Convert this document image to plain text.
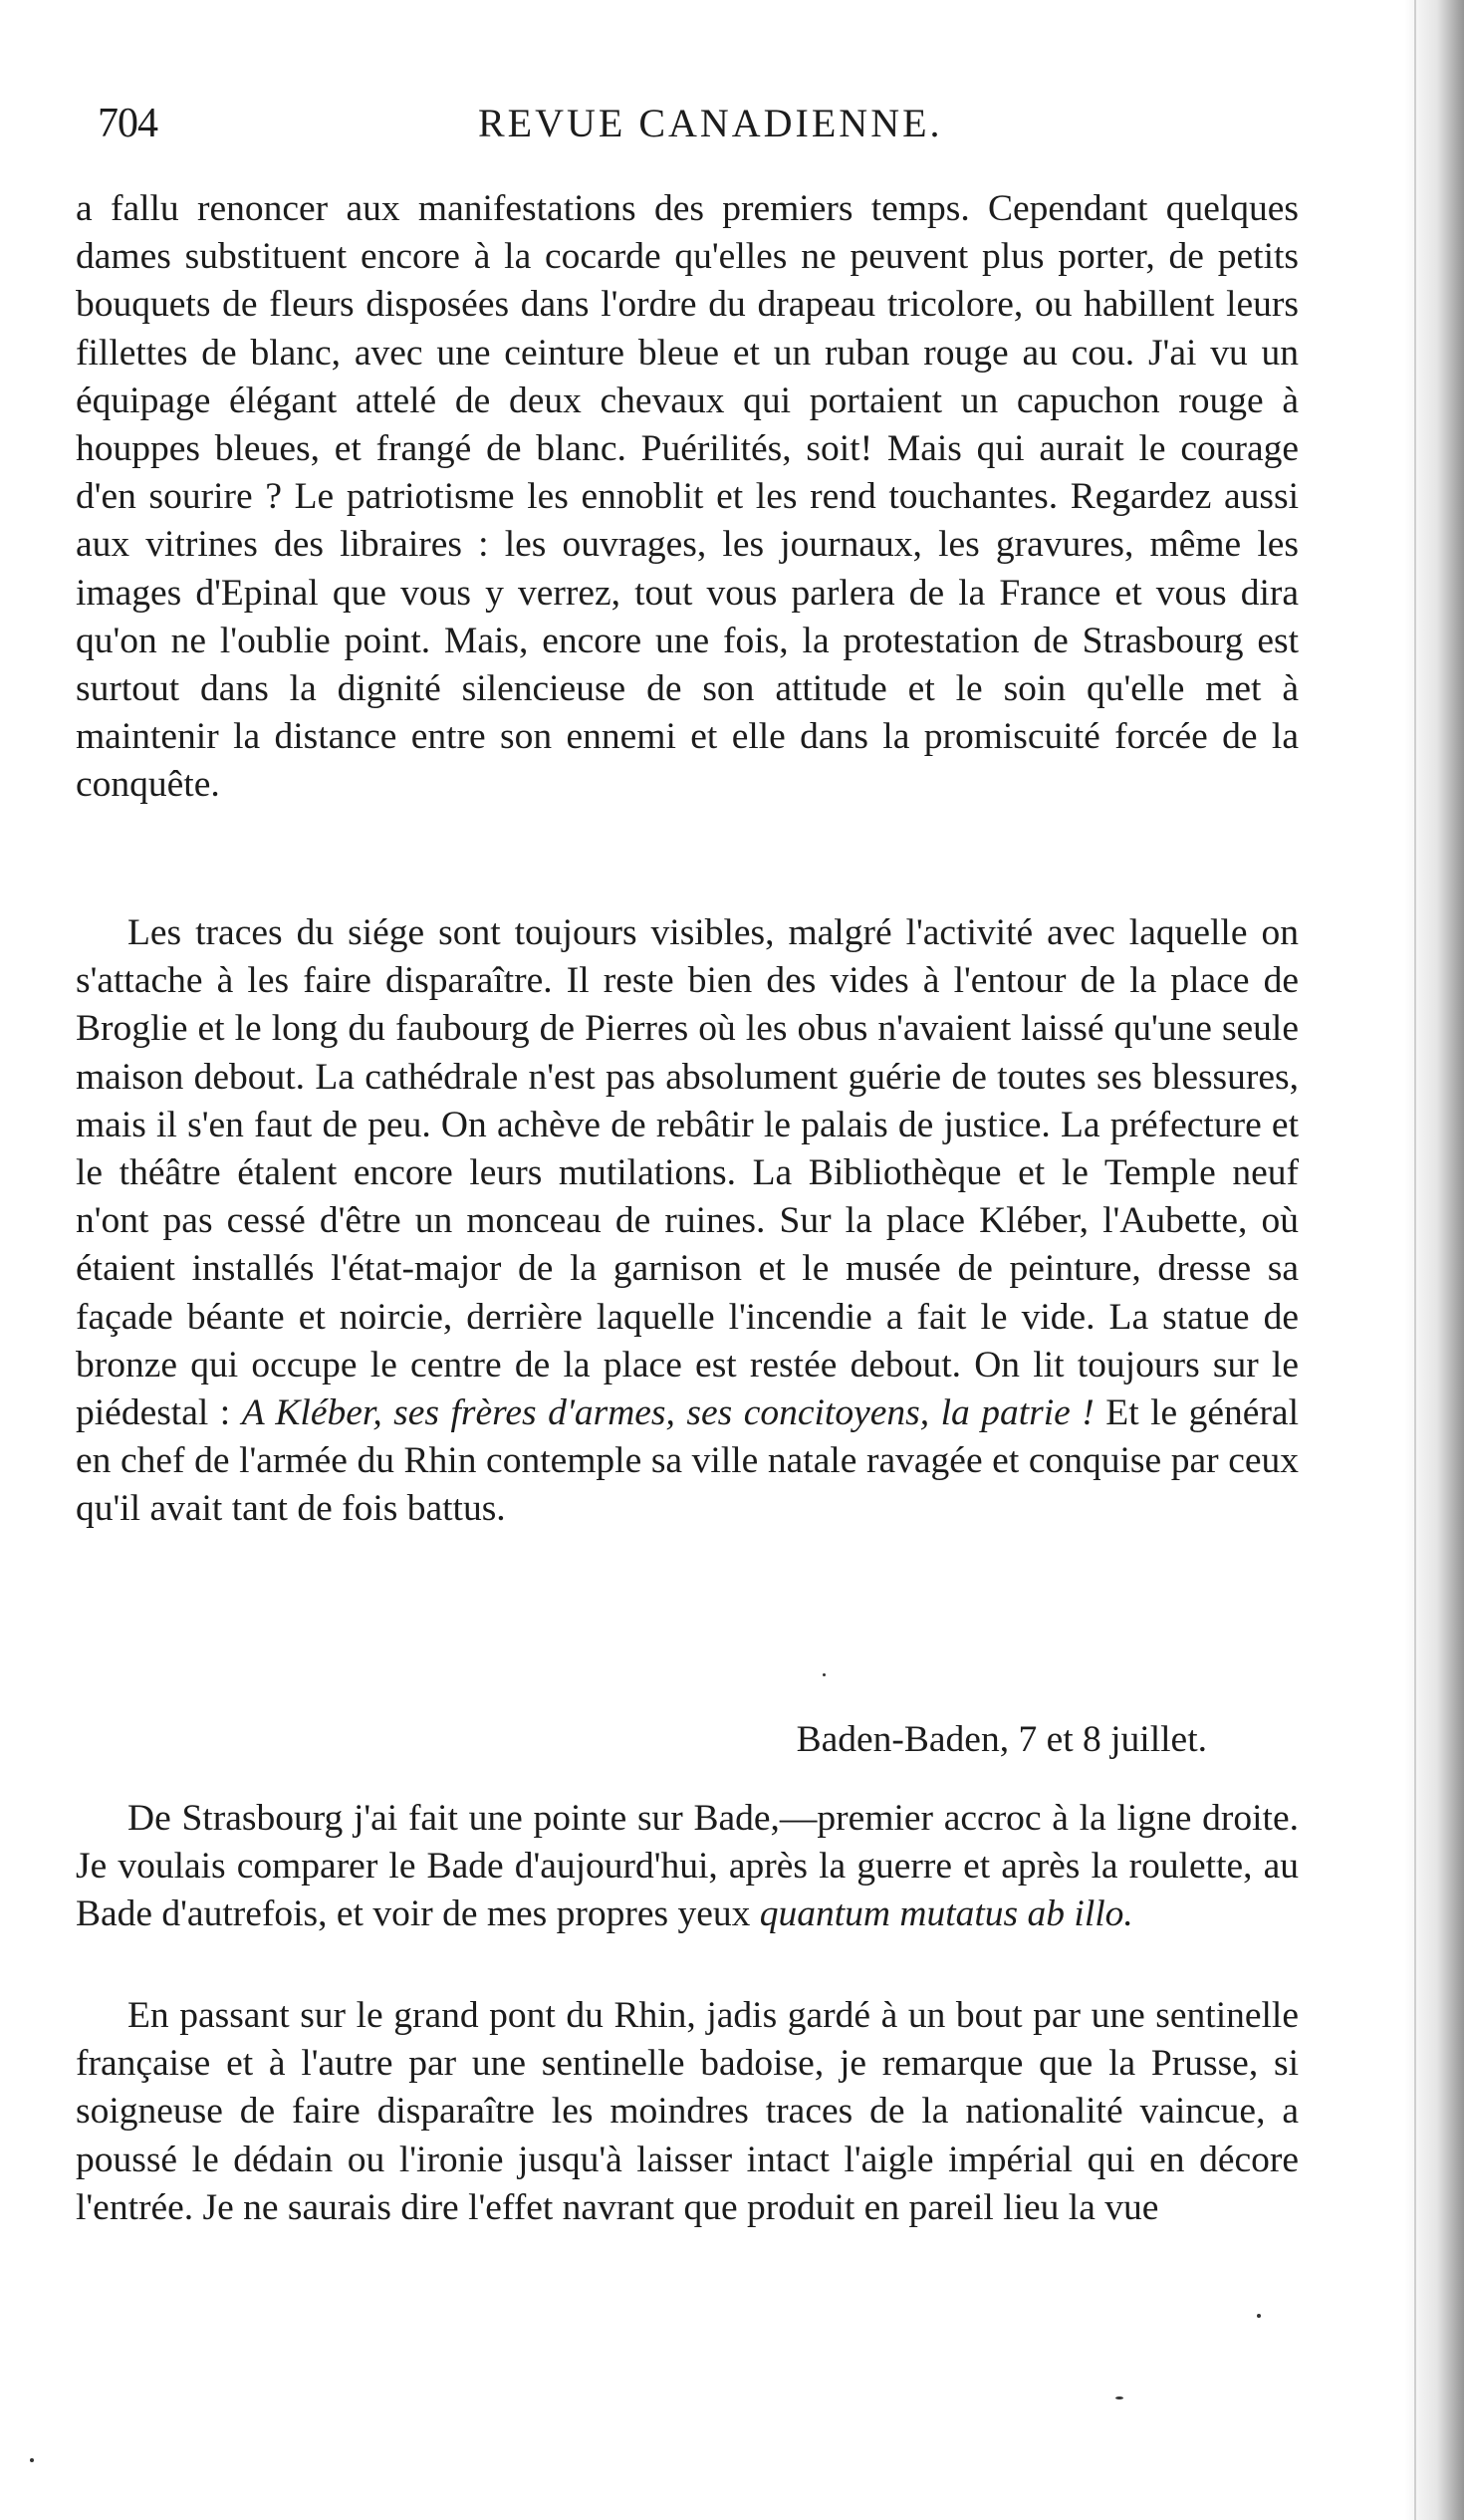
704	REVUE CANADIENNE.

a fallu renoncer aux manifestations des premiers temps. Cependant quelques dames substituent encore à la cocarde qu'elles ne peuvent plus porter, de petits bouquets de fleurs disposées dans l'ordre du drapeau tricolore, ou habillent leurs fillettes de blanc, avec une ceinture bleue et un ruban rouge au cou. J'ai vu un équipage élégant attelé de deux chevaux qui portaient un capuchon rouge à houppes bleues, et frangé de blanc. Puérilités, soit! Mais qui aurait le courage d'en sourire ? Le patriotisme les ennoblit et les rend touchantes. Regardez aussi aux vitrines des libraires : les ouvrages, les journaux, les gravures, même les images d'Epinal que vous y verrez, tout vous parlera de la France et vous dira qu'on ne l'oublie point. Mais, encore une fois, la protestation de Strasbourg est surtout dans la dignité silencieuse de son attitude et le soin qu'elle met à maintenir la distance entre son ennemi et elle dans la promiscuité forcée de la conquête.

Les traces du siége sont toujours visibles, malgré l'activité avec laquelle on s'attache à les faire disparaître. Il reste bien des vides à l'entour de la place de Broglie et le long du faubourg de Pierres où les obus n'avaient laissé qu'une seule maison debout. La cathédrale n'est pas absolument guérie de toutes ses blessures, mais il s'en faut de peu. On achève de rebâtir le palais de justice. La préfecture et le théâtre étalent encore leurs mutilations. La Bibliothèque et le Temple neuf n'ont pas cessé d'être un monceau de ruines. Sur la place Kléber, l'Aubette, où étaient installés l'état-major de la garnison et le musée de peinture, dresse sa façade béante et noircie, derrière laquelle l'incendie a fait le vide. La statue de bronze qui occupe le centre de la place est restée debout. On lit toujours sur le piédestal : A Kléber, ses frères d'armes, ses concitoyens, la patrie ! Et le général en chef de l'armée du Rhin contemple sa ville natale ravagée et conquise par ceux qu'il avait tant de fois battus.

Baden-Baden, 7 et 8 juillet.

De Strasbourg j'ai fait une pointe sur Bade,—premier accroc à la ligne droite. Je voulais comparer le Bade d'aujourd'hui, après la guerre et après la roulette, au Bade d'autrefois, et voir de mes propres yeux quantum mutatus ab illo.

En passant sur le grand pont du Rhin, jadis gardé à un bout par une sentinelle française et à l'autre par une sentinelle badoise, je remarque que la Prusse, si soigneuse de faire disparaître les moindres traces de la nationalité vaincue, a poussé le dédain ou l'ironie jusqu'à laisser intact l'aigle impérial qui en décore l'entrée. Je ne saurais dire l'effet navrant que produit en pareil lieu la vue
